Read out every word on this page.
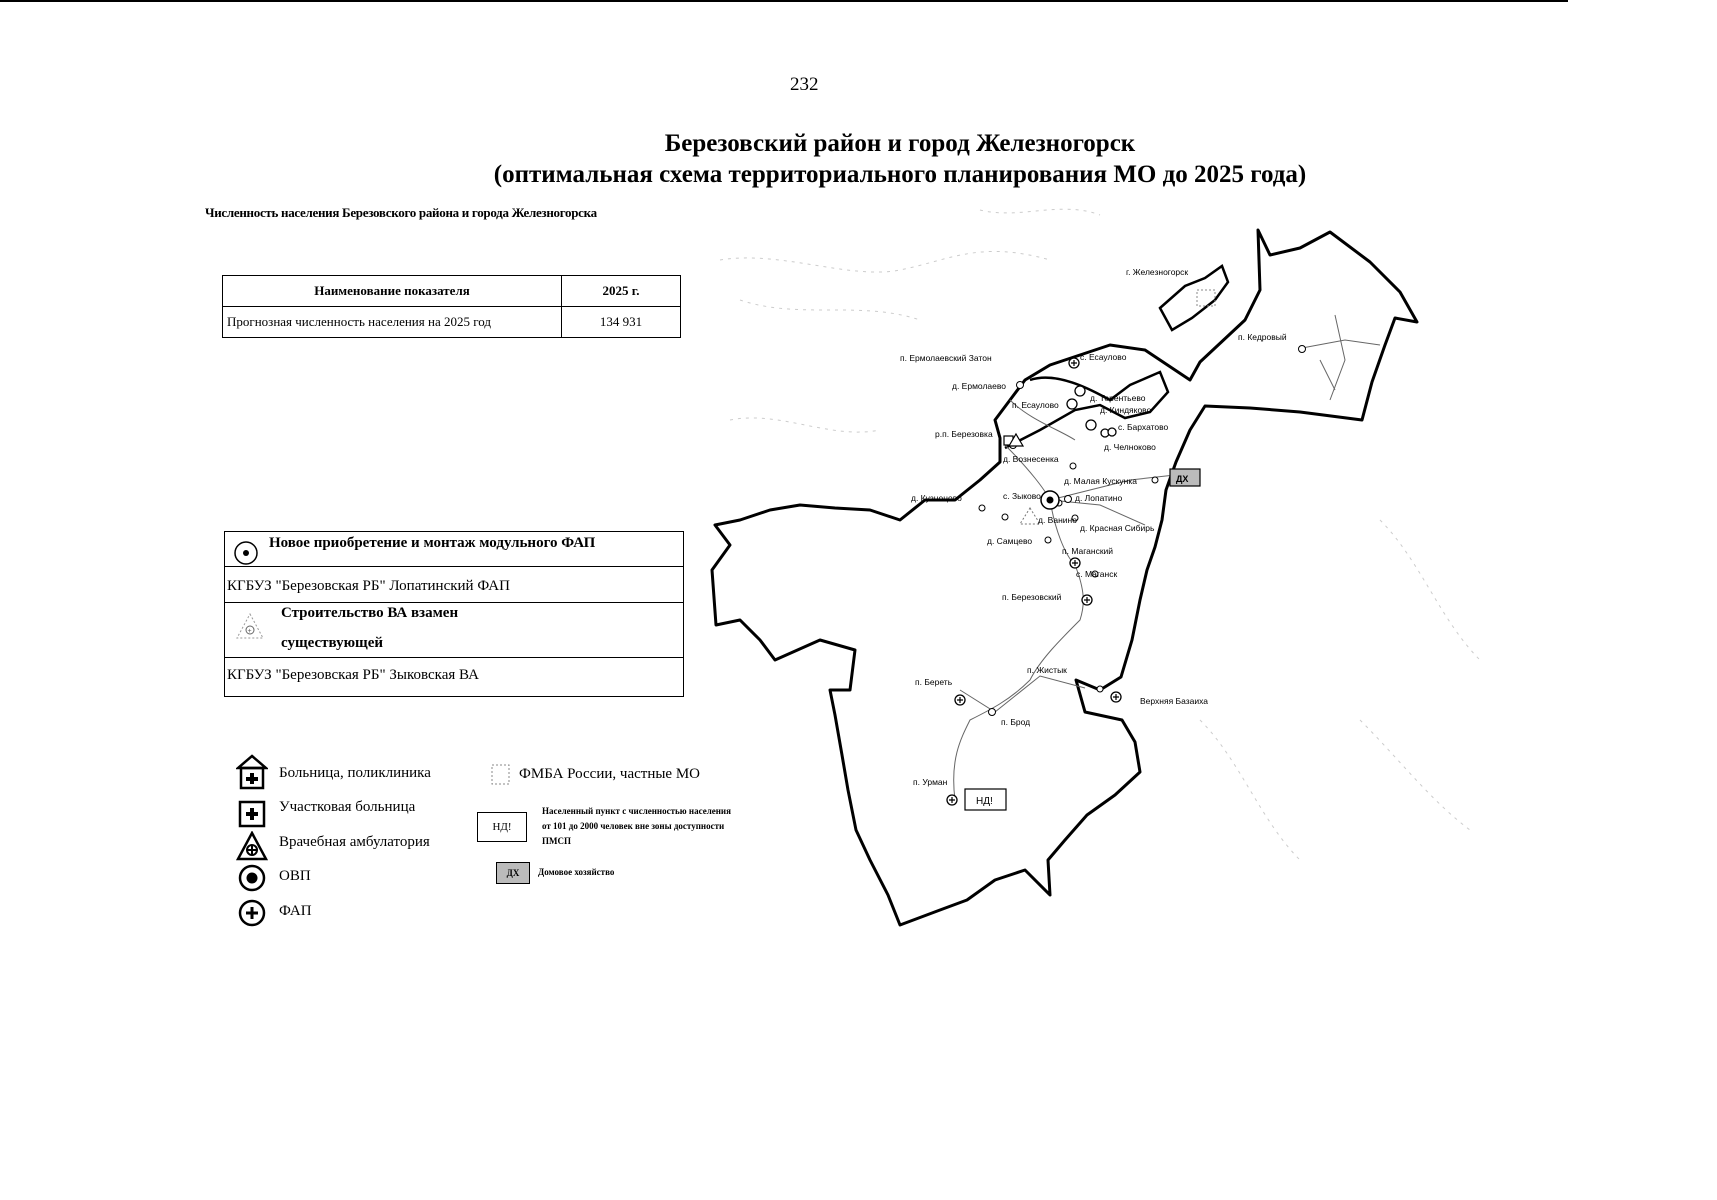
232
Березовский район и город Железногорск
(оптимальная схема территориального планирования МО до 2025 года)
Численность населения Березовского района и города Железногорска
Наименование показателя	2025 г.
Прогнозная численность населения на 2025 год	134 931
Новое приобретение и монтаж модульного ФАП
КГБУЗ "Березовская РБ" Лопатинский ФАП
+
Строительство ВА взамен
существующей
КГБУЗ "Березовская РБ" Зыковская ВА
Больница, поликлиника
Участковая больница
Врачебная амбулатория
ОВП
ФАП
ФМБА России, частные МО
НД!
Населенный пункт с численностью населения от 101 до 2000 человек вне зоны доступности ПМСП
ДХ	Домовое хозяйство
ДХ
НД!
г. Железногорск
п. Кедровый
п. Ермолаевский Затон	с. Есаулово
д. Ермолаево
п. Есаулово
д. Терентьево
д. Киндяково
с. Бархатово
д. Челноково
р.п. Березовка
д. Вознесенка
д. Малая Кускунка
д. Кузнецово	с. Зыково	д. Лопатино
д. Красная Сибирь
д. Ванино
д. Самцево
п. Маганский
с. Маганск
п. Березовский
п. Жистык
п. Береть
Верхняя Базаиха
п. Брод
п. Урман
